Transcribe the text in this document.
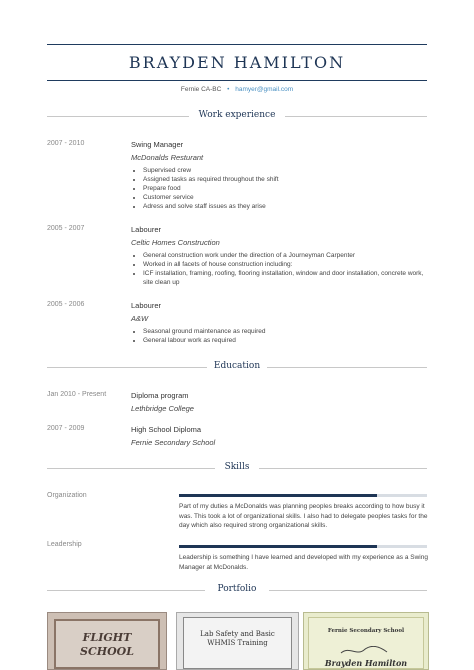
BRAYDEN HAMILTON
Fernie CA-BC • hamyer@gmail.com
Work experience
2007 - 2010	Swing Manager
McDonalds Resturant
• Supervised crew
• Assigned tasks as required throughout the shift
• Prepare food
• Customer service
• Adress and solve staff issues as they arise
2005 - 2007	Labourer
Celtic Homes Construction
• General construction work under the direction of a Journeyman Carpenter
• Worked in all facets of house construction including:
• ICF installation, framing, roofing, flooring installation, window and door installation, concrete work, site clean up
2005 - 2006	Labourer
A&W
• Seasonal ground maintenance as required
• General labour work as required
Education
Jan 2010 - Present	Diploma program
Lethbridge College
2007 - 2009	High School Diploma
Fernie Secondary School
Skills
Organization
Part of my duties a McDonalds was planning peoples breaks according to how busy it was. This took a lot of organizational skills. I also had to delegate peoples tasks for the day which also required strong organizational skills.
Leadership
Leadership is something I have learned and developed with my experience as a Swing Manager at McDonalds.
Portfolio
FLIGHT
SCHOOL
Lab Safety and Basic
WHMIS Training
Fernie Secondary School
Brayden Hamilton
